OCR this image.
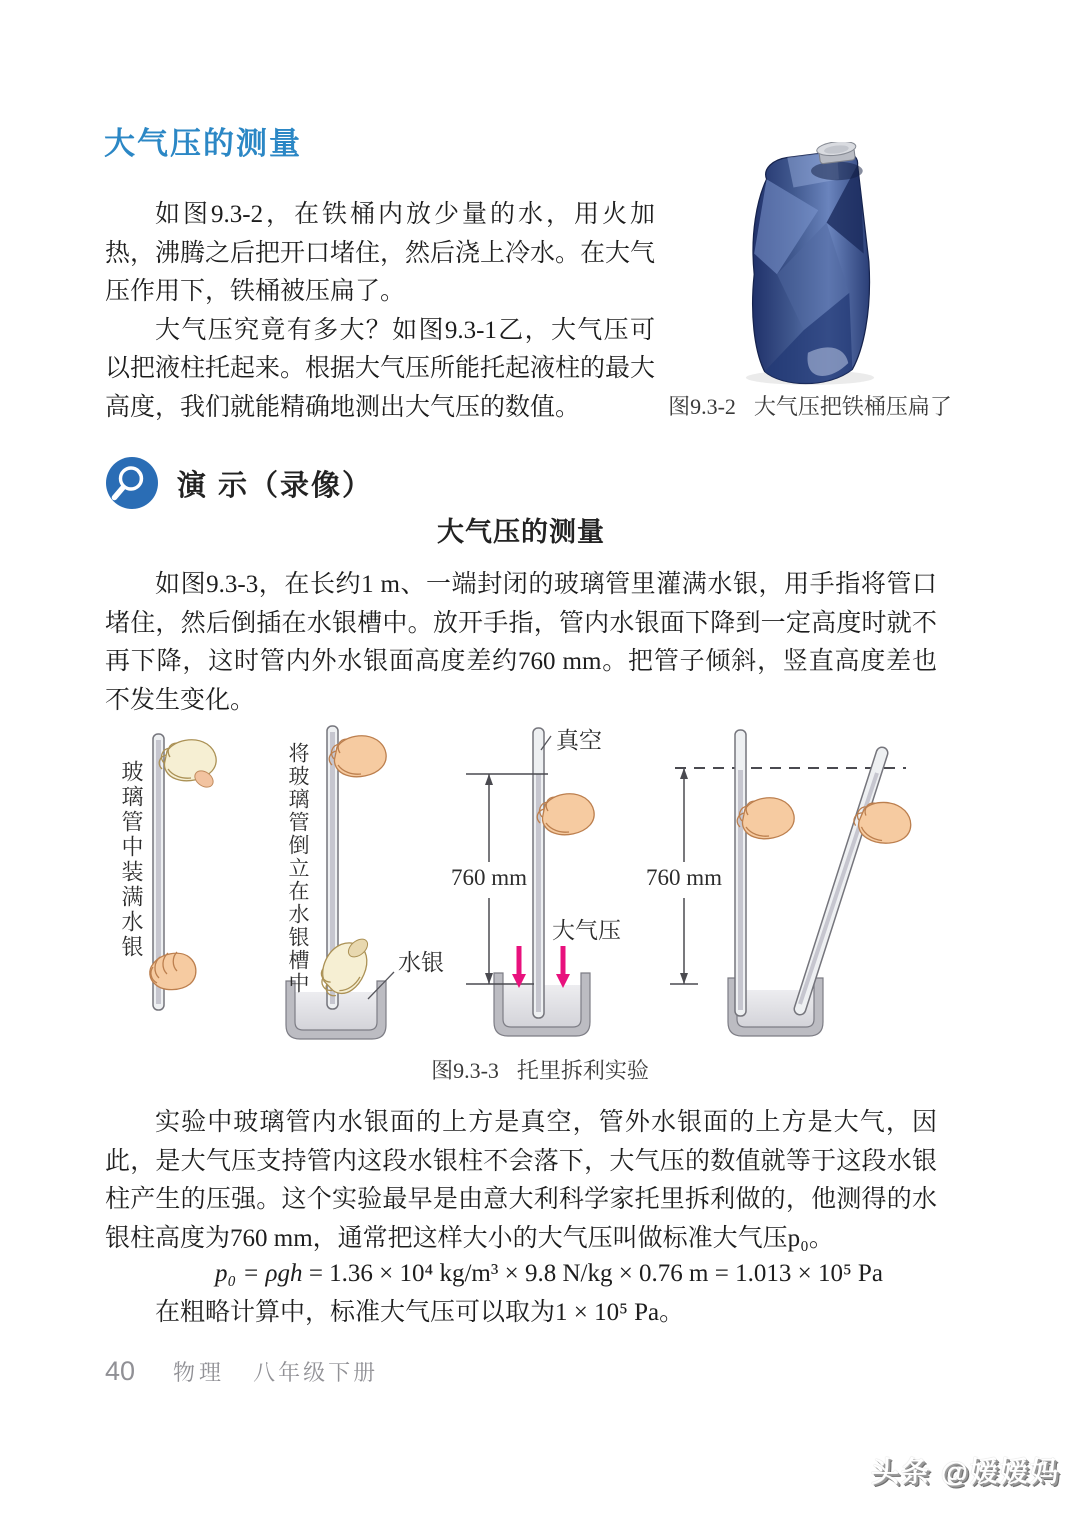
大气压的测量

如图9.3-2，在铁桶内放少量的水，用火加热，沸腾之后把开口堵住，然后浇上冷水。在大气压作用下，铁桶被压扁了。

大气压究竟有多大？如图9.3-1乙，大气压可以把液柱托起来。根据大气压所能托起液柱的最大高度，我们就能精确地测出大气压的数值。	图9.3-2 大气压把铁桶压扁了
演 示（录像）
大气压的测量

如图9.3-3，在长约1 m、一端封闭的玻璃管里灌满水银，用手指将管口堵住，然后倒插在水银槽中。放开手指，管内水银面下降到一定高度时就不再下降，这时管内外水银面高度差约760 mm。把管子倾斜，竖直高度差也不发生变化。

玻璃管中装满水银	将玻璃管倒立在水银槽中	水银
真空
大气压
760 mm	760 mm
图9.3-3 托里拆利实验

实验中玻璃管内水银面的上方是真空，管外水银面的上方是大气，因此，是大气压支持管内这段水银柱不会落下，大气压的数值就等于这段水银柱产生的压强。这个实验最早是由意大利科学家托里拆利做的，他测得的水银柱高度为760 mm，通常把这样大小的大气压叫做标准大气压p₀。

p₀ = ρgh = 1.36 × 10⁴ kg/m³ × 9.8 N/kg × 0.76 m = 1.013 × 10⁵ Pa

在粗略计算中，标准大气压可以取为1 × 10⁵ Pa。

40 物理 八年级下册
头条 @嫒嫒妈
